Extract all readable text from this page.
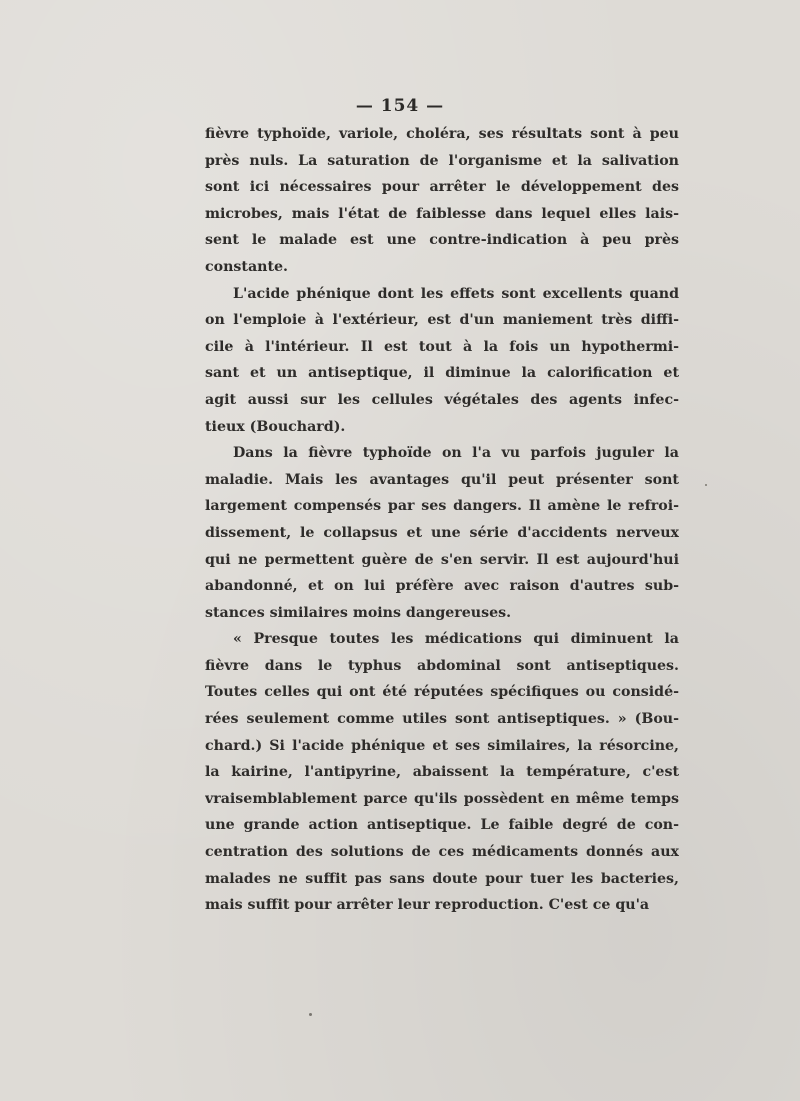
— 154 —
fièvre typhoïde, variole, choléra, ses résultats sont à peu
près nuls. La saturation de l'organisme et la salivation
sont ici nécessaires pour arrêter le développement des
microbes, mais l'état de faiblesse dans lequel elles lais-
sent le malade est une contre-indication à peu près
constante.
L'acide phénique dont les effets sont excellents quand
on l'emploie à l'extérieur, est d'un maniement très diffi-
cile à l'intérieur. Il est tout à la fois un hypothermi-
sant et un antiseptique, il diminue la calorification et
agit aussi sur les cellules végétales des agents infec-
tieux (Bouchard).
Dans la fièvre typhoïde on l'a vu parfois juguler la
maladie. Mais les avantages qu'il peut présenter sont
largement compensés par ses dangers. Il amène le refroi-
dissement, le collapsus et une série d'accidents nerveux
qui ne permettent guère de s'en servir. Il est aujourd'hui
abandonné, et on lui préfère avec raison d'autres sub-
stances similaires moins dangereuses.
« Presque toutes les médications qui diminuent la
fièvre dans le typhus abdominal sont antiseptiques.
Toutes celles qui ont été réputées spécifiques ou considé-
rées seulement comme utiles sont antiseptiques. » (Bou-
chard.) Si l'acide phénique et ses similaires, la résorcine,
la kairine, l'antipyrine, abaissent la température, c'est
vraisemblablement parce qu'ils possèdent en même temps
une grande action antiseptique. Le faible degré de con-
centration des solutions de ces médicaments donnés aux
malades ne suffit pas sans doute pour tuer les bacteries,
mais suffit pour arrêter leur reproduction. C'est ce qu'a
